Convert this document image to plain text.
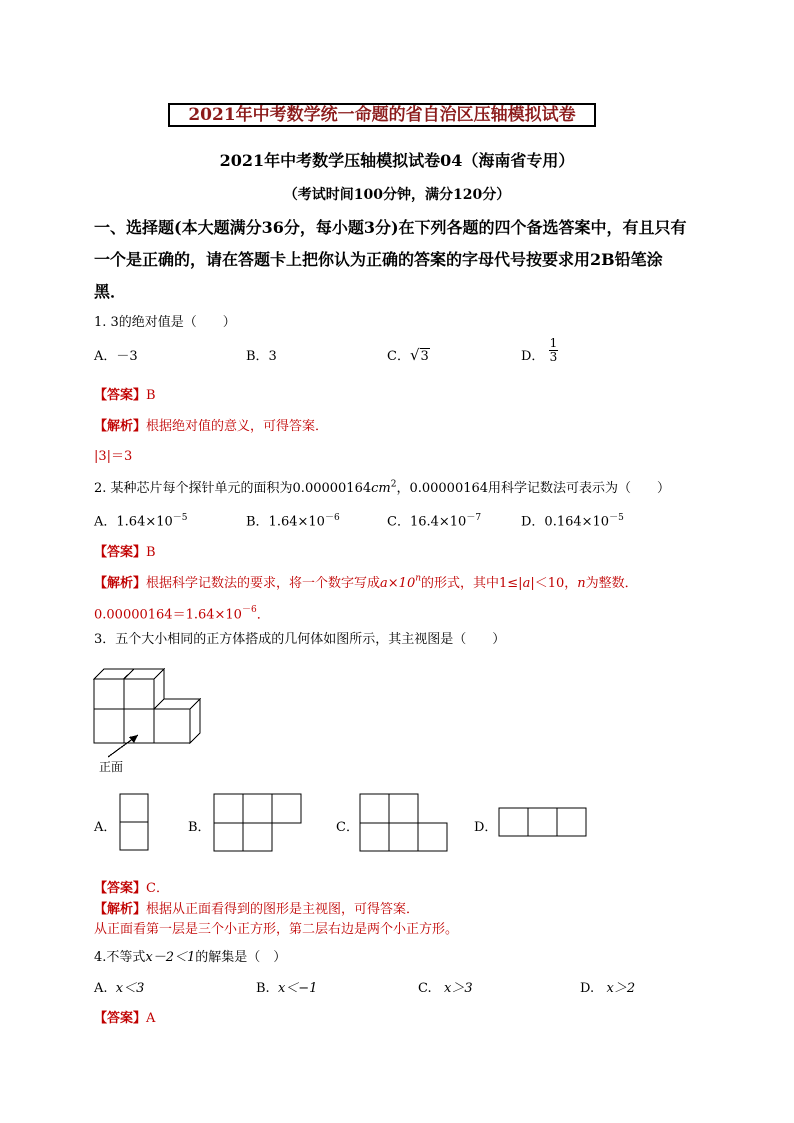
2021年中考数学统一命题的省自治区压轴模拟试卷
2021年中考数学压轴模拟试卷04（海南省专用）
（考试时间100分钟，满分120分）
一、选择题(本大题满分36分，每小题3分)在下列各题的四个备选答案中，有且只有
一个是正确的，请在答题卡上把你认为正确的答案的字母代号按要求用2B铅笔涂
黑．
1. 3的绝对值是（　　）
A．－3	B．3	C．√3	D． $\frac{1}{3}$
【答案】B
【解析】根据绝对值的意义，可得答案．
|3|＝3
2. 某种芯片每个探针单元的面积为$0.00000164cm^2$，0.00000164用科学记数法可表示为（　　）
A．$1.64\times 10^{-5}$	B．$1.64\times 10^{-6}$	C．$16.4\times 10^{-7}$	D．$0.164\times 10^{-5}$
【答案】B
【解析】根据科学记数法的要求，将一个数字写成$a\times 10^n$的形式，其中1≤|a|＜10，n为整数．
$0.00000164=1.64\times 10^{-6}$．
3．五个大小相同的正方体搭成的几何体如图所示，其主视图是（　　）
正面
A．	B．	C．	D．
【答案】C．
【解析】根据从正面看得到的图形是主视图，可得答案．
从正面看第一层是三个小正方形，第二层右边是两个小正方形。
4.不等式x－2＜1的解集是（　）
A. x＜3	B. x＜−1	C. x＞3	D. x＞2
【答案】A
